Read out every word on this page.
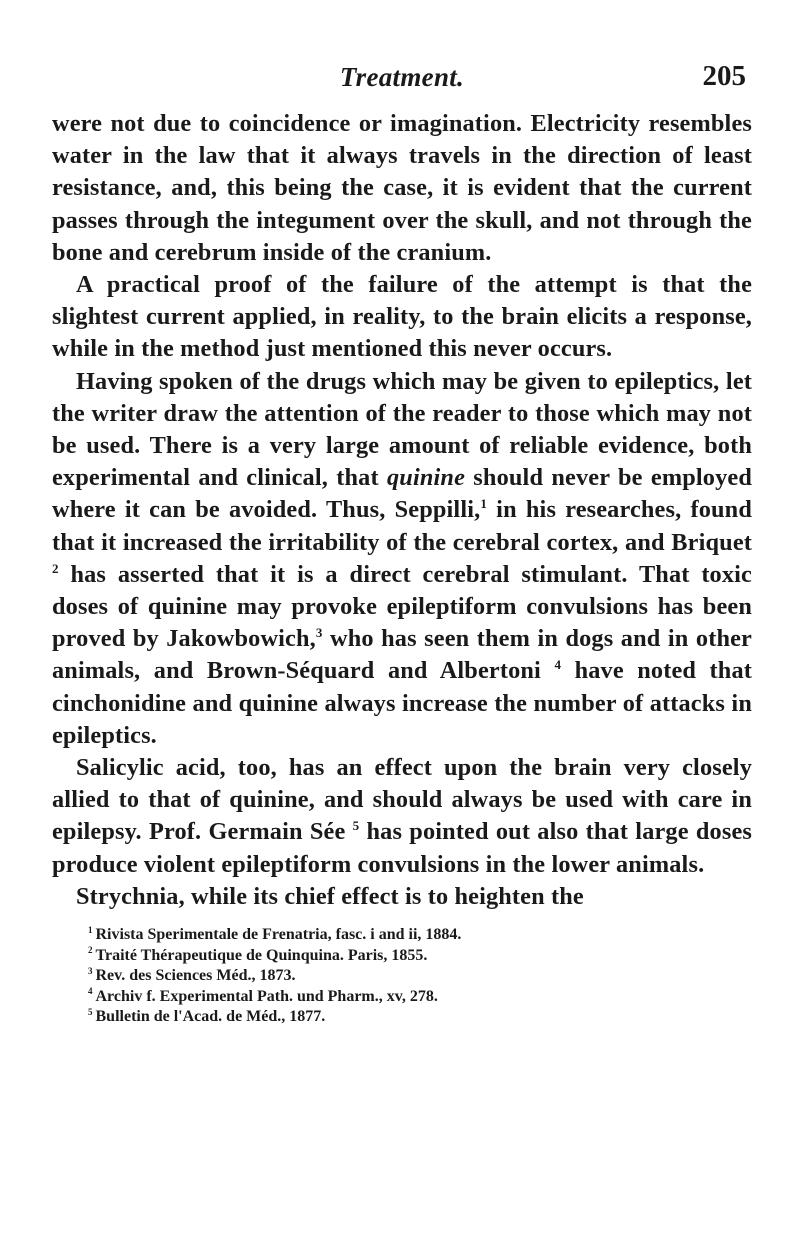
Treatment.	205

were not due to coincidence or imagination. Electricity resembles water in the law that it always travels in the direction of least resistance, and, this being the case, it is evident that the current passes through the integument over the skull, and not through the bone and cerebrum inside of the cranium.

A practical proof of the failure of the attempt is that the slightest current applied, in reality, to the brain elicits a response, while in the method just mentioned this never occurs.

Having spoken of the drugs which may be given to epileptics, let the writer draw the attention of the reader to those which may not be used. There is a very large amount of reliable evidence, both experimental and clinical, that quinine should never be employed where it can be avoided. Thus, Seppilli,$^1$ in his researches, found that it increased the irritability of the cerebral cortex, and Briquet $^2$ has asserted that it is a direct cerebral stimulant. That toxic doses of quinine may provoke epileptiform convulsions has been proved by Jakowbowich,$^3$ who has seen them in dogs and in other animals, and Brown-Séquard and Albertoni $^4$ have noted that cinchonidine and quinine always increase the number of attacks in epileptics.

Salicylic acid, too, has an effect upon the brain very closely allied to that of quinine, and should always be used with care in epilepsy. Prof. Germain Sée $^5$ has pointed out also that large doses produce violent epileptiform convulsions in the lower animals.

Strychnia, while its chief effect is to heighten the

$^1$ Rivista Sperimentale de Frenatria, fasc. i and ii, 1884.
$^2$ Traité Thérapeutique de Quinquina. Paris, 1855.
$^3$ Rev. des Sciences Méd., 1873.
$^4$ Archiv f. Experimental Path. und Pharm., xv, 278.
$^5$ Bulletin de l'Acad. de Méd., 1877.
